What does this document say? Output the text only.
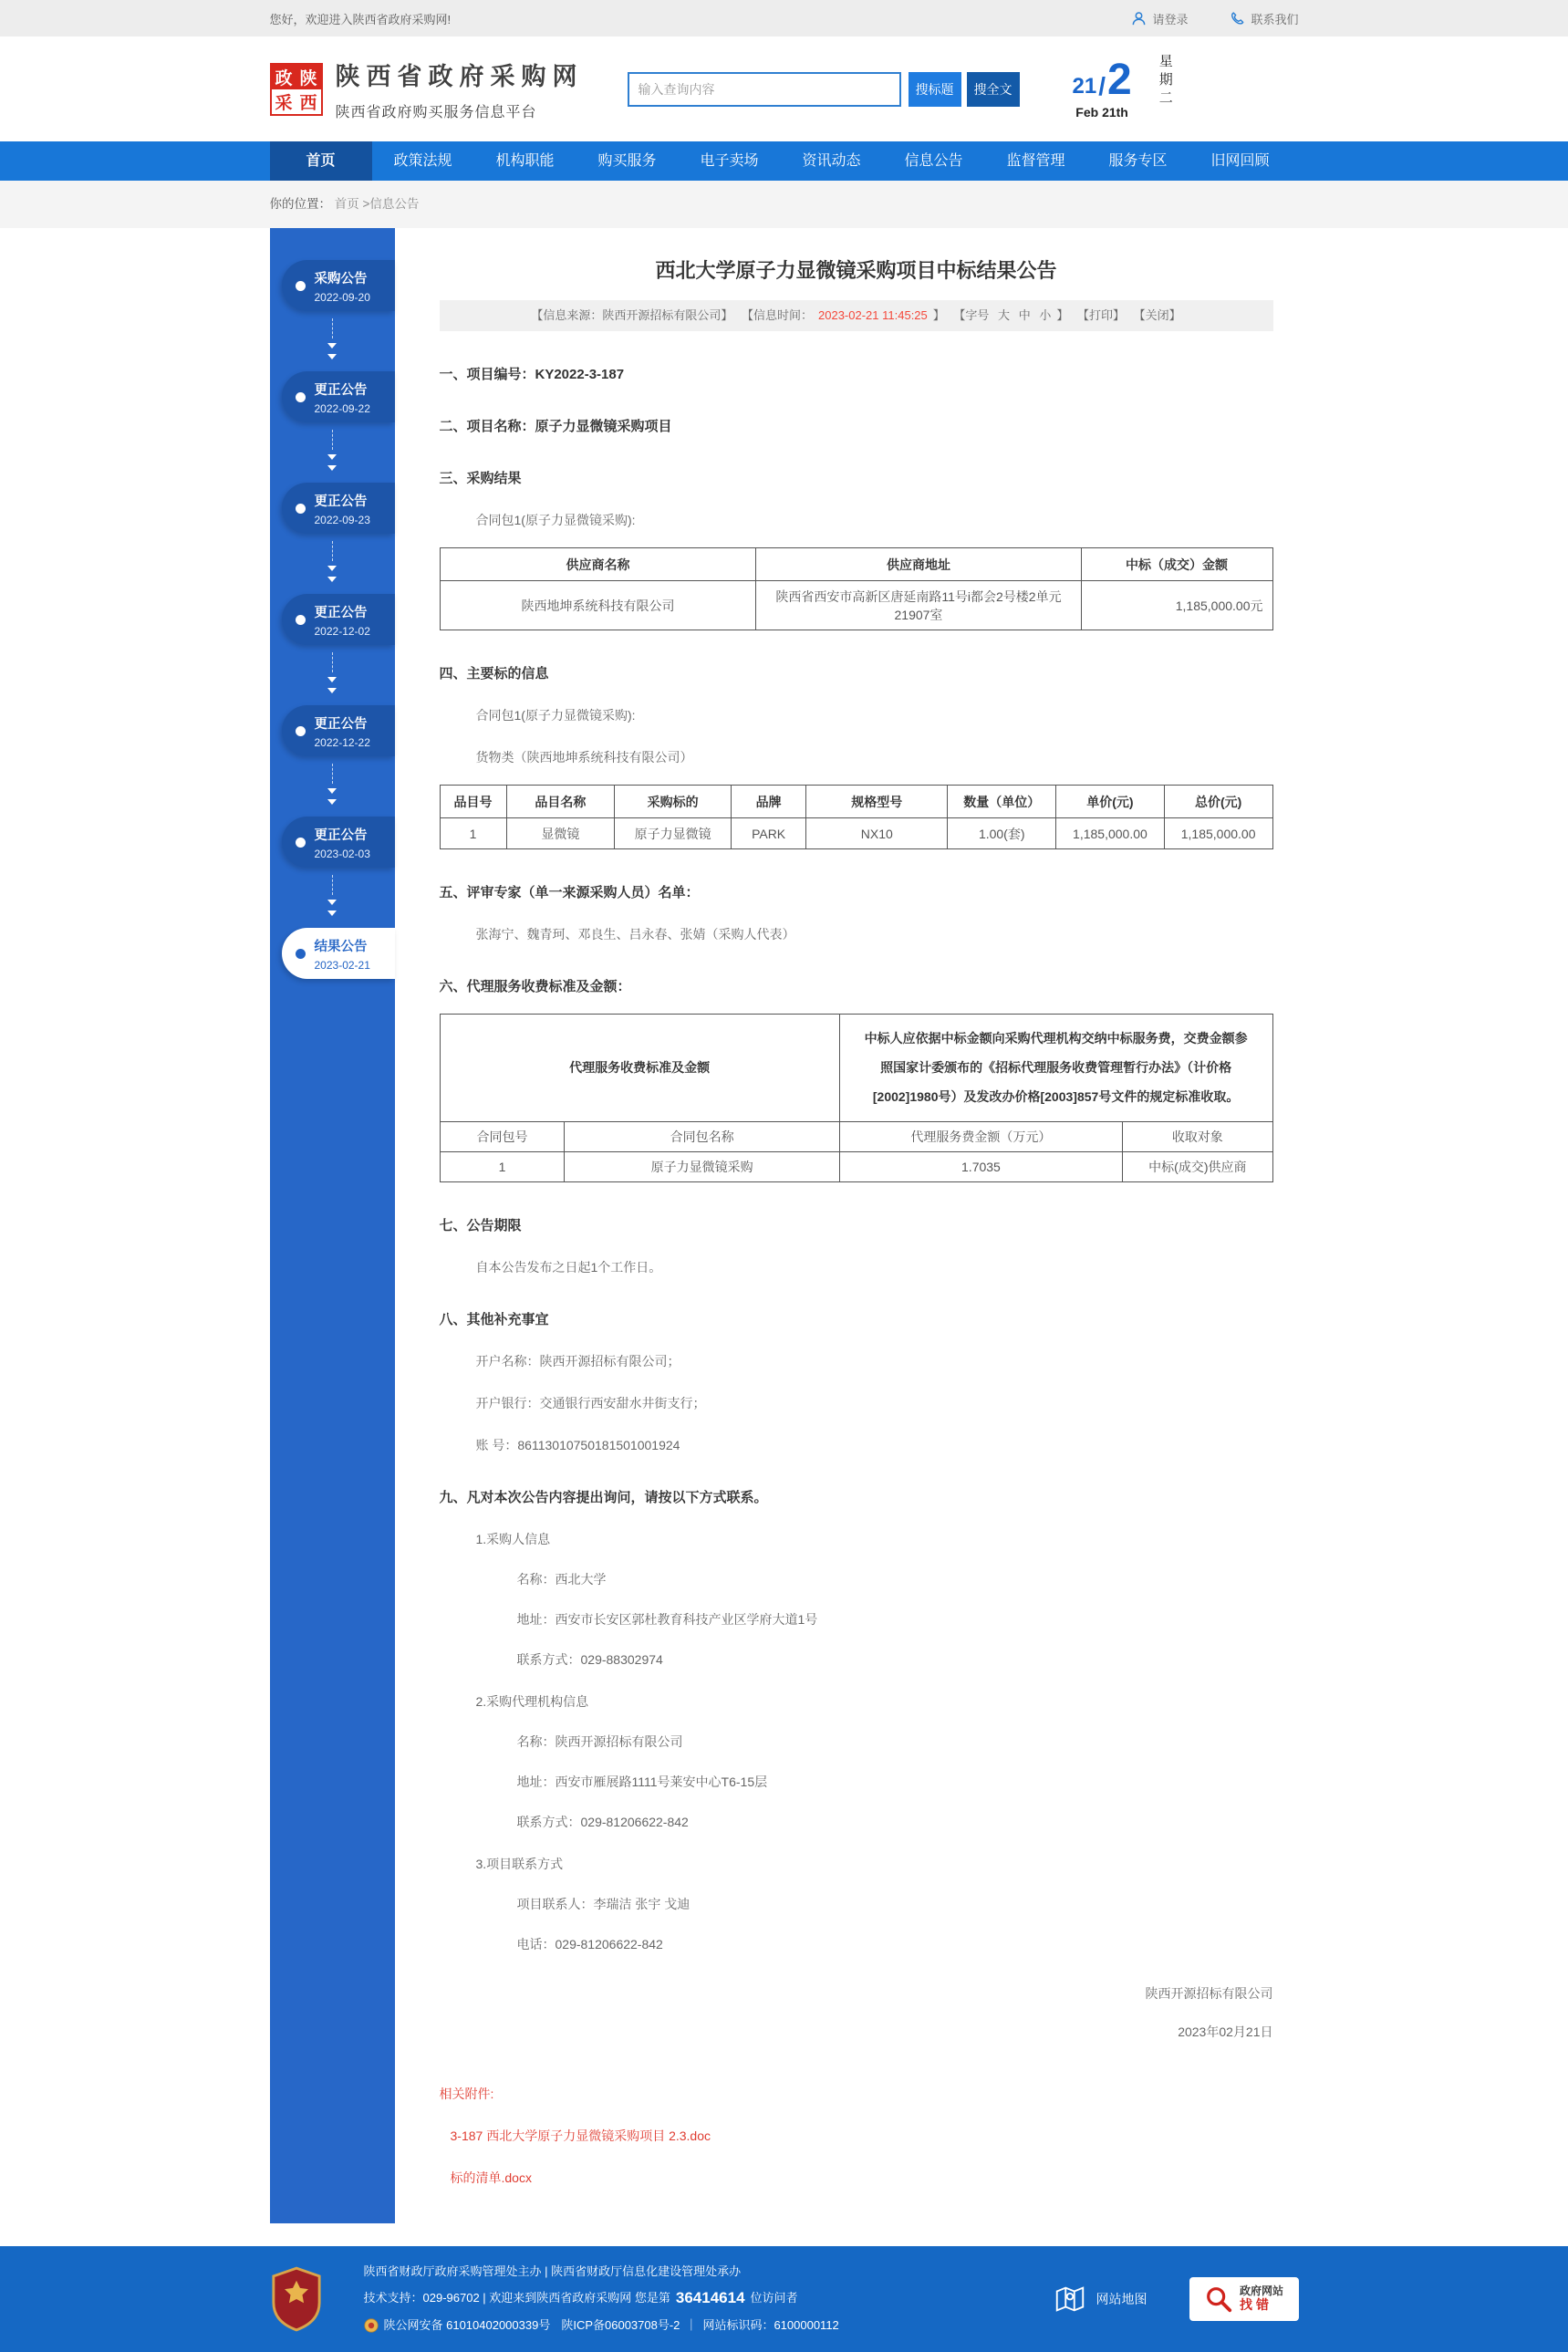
您好，欢迎进入陕西省政府采购网!	请登录	联系我们
政 陕
采 西
陕西省政府采购网
陕西省政府购买服务信息平台
输入查询内容
搜标题	搜全文	21 / 2
Feb 21th
星期二
首页	政策法规	机构职能	购买服务	电子卖场	资讯动态	信息公告	监督管理	服务专区	旧网回顾
你的位置： 首页 >信息公告
采购公告
2022-09-20
更正公告
2022-09-22
更正公告
2022-09-23
更正公告
2022-12-02
更正公告
2022-12-22
更正公告
2023-02-03
结果公告
2023-02-21
西北大学原子力显微镜采购项目中标结果公告
【信息来源：陕西开源招标有限公司】 【信息时间： 2023-02-21 11:45:25 】 【字号 大 中 小 】 【打印】 【关闭】
一、项目编号：KY2022-3-187
二、项目名称：原子力显微镜采购项目
三、采购结果
合同包1(原子力显微镜采购):
供应商名称	供应商地址	中标（成交）金额
陕西地坤系统科技有限公司	陕西省西安市高新区唐延南路11号i都会2号楼2单元21907室	1,185,000.00元
四、主要标的信息
合同包1(原子力显微镜采购):
货物类（陕西地坤系统科技有限公司）
品目号	品目名称	采购标的	品牌	规格型号	数量（单位）	单价(元)	总价(元)
1	显微镜	原子力显微镜	PARK	NX10	1.00(套)	1,185,000.00	1,185,000.00
五、评审专家（单一来源采购人员）名单：
张海宁、魏青珂、邓良生、吕永春、张婧（采购人代表）
六、代理服务收费标准及金额：
代理服务收费标准及金额		中标人应依据中标金额向采购代理机构交纳中标服务费，交费金额参照国家计委颁布的《招标代理服务收费管理暂行办法》（计价格[2002]1980号）及发改办价格[2003]857号文件的规定标准收取。	
合同包号	合同包名称	代理服务费金额（万元）	收取对象
1	原子力显微镜采购	1.7035	中标(成交)供应商
七、公告期限
自本公告发布之日起1个工作日。
八、其他补充事宜
开户名称：陕西开源招标有限公司；
开户银行：交通银行西安甜水井街支行；
账 号：86113010750181501001924
九、凡对本次公告内容提出询问，请按以下方式联系。
1.采购人信息
名称：西北大学
地址：西安市长安区郭杜教育科技产业区学府大道1号
联系方式：029-88302974
2.采购代理机构信息
名称：陕西开源招标有限公司
地址：西安市雁展路1111号莱安中心T6-15层
联系方式：029-81206622-842
3.项目联系方式
项目联系人：李瑞洁 张宇 戈迪
电话：029-81206622-842
陕西开源招标有限公司
2023年02月21日
相关附件:
3-187 西北大学原子力显微镜采购项目 2.3.doc
标的清单.docx
陕西省财政厅政府采购管理处主办 | 陕西省财政厅信息化建设管理处承办
技术支持：029-96702 | 欢迎来到陕西省政府采购网 您是第 36414614 位访问者
陕公网安备 61010402000339号 陕ICP备06003708号-2 ｜ 网站标识码：6100000112
网站地图
政府网站
找错
